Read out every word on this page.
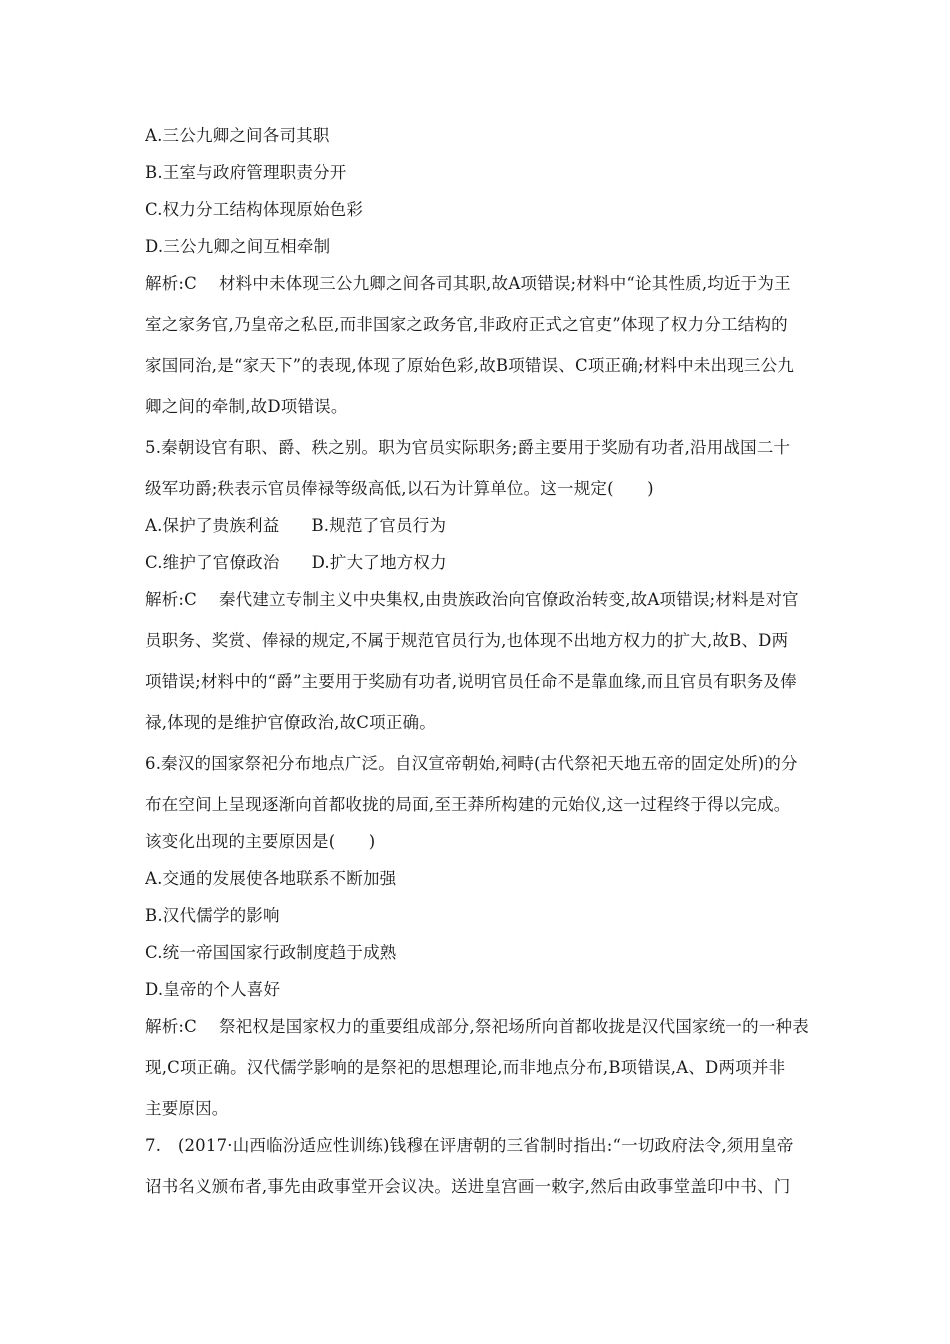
A.三公九卿之间各司其职
B.王室与政府管理职责分开
C.权力分工结构体现原始色彩
D.三公九卿之间互相牵制
解析:C 材料中未体现三公九卿之间各司其职,故A项错误;材料中“论其性质,均近于为王
室之家务官,乃皇帝之私臣,而非国家之政务官,非政府正式之官吏”体现了权力分工结构的
家国同治,是“家天下”的表现,体现了原始色彩,故B项错误、C项正确;材料中未出现三公九
卿之间的牵制,故D项错误。
5.秦朝设官有职、爵、秩之别。职为官员实际职务;爵主要用于奖励有功者,沿用战国二十
级军功爵;秩表示官员俸禄等级高低,以石为计算单位。这一规定(　　)
A.保护了贵族利益 B.规范了官员行为
C.维护了官僚政治 D.扩大了地方权力
解析:C 秦代建立专制主义中央集权,由贵族政治向官僚政治转变,故A项错误;材料是对官
员职务、奖赏、俸禄的规定,不属于规范官员行为,也体现不出地方权力的扩大,故B、D两
项错误;材料中的“爵”主要用于奖励有功者,说明官员任命不是靠血缘,而且官员有职务及俸
禄,体现的是维护官僚政治,故C项正确。
6.秦汉的国家祭祀分布地点广泛。自汉宣帝朝始,祠畤(古代祭祀天地五帝的固定处所)的分
布在空间上呈现逐渐向首都收拢的局面,至王莽所构建的元始仪,这一过程终于得以完成。
该变化出现的主要原因是(　　)
A.交通的发展使各地联系不断加强
B.汉代儒学的影响
C.统一帝国国家行政制度趋于成熟
D.皇帝的个人喜好
解析:C 祭祀权是国家权力的重要组成部分,祭祀场所向首都收拢是汉代国家统一的一种表
现,C项正确。汉代儒学影响的是祭祀的思想理论,而非地点分布,B项错误,A、D两项并非
主要原因。
7.　(2017·山西临汾适应性训练)钱穆在评唐朝的三省制时指出:“一切政府法令,须用皇帝
诏书名义颁布者,事先由政事堂开会议决。送进皇宫画一敕字,然后由政事堂盖印中书、门
